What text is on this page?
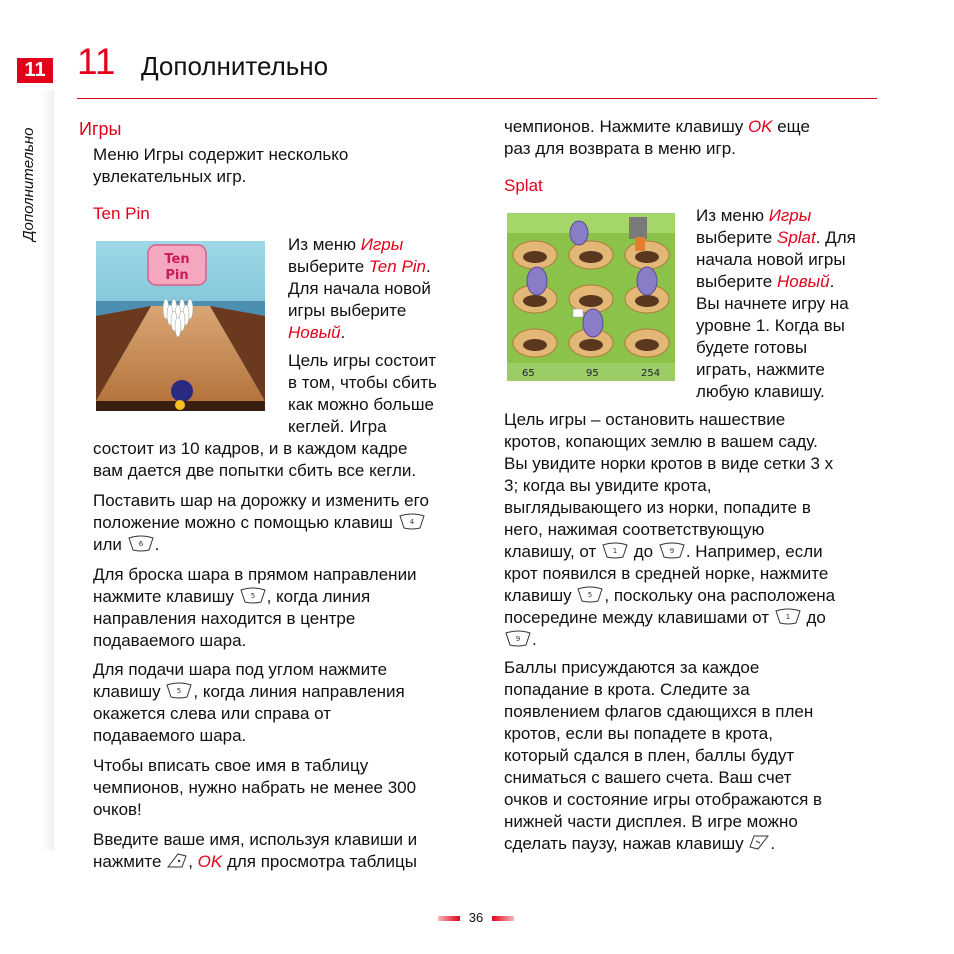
11
Дополнительно
11 Дополнительно
Игры
Меню Игры содержит несколько
увлекательных игр.
Ten Pin
Ten
Pin
Из меню Игры
выберите Ten Pin.
Для начала новой
игры выберите
Новый.
Цель игры состоит
в том, чтобы сбить
как можно больше
кеглей. Игра
состоит из 10 кадров, и в каждом кадре
вам дается две попытки сбить все кегли.
Поставить шар на дорожку и изменить его
положение можно с помощью клавиш 4
или 6 .
Для броска шара в прямом направлении
нажмите клавишу 5 , когда линия
направления находится в центре
подаваемого шара.
Для подачи шара под углом нажмите
клавишу 5 , когда линия направления
окажется слева или справа от
подаваемого шара.
Чтобы вписать свое имя в таблицу
чемпионов, нужно набрать не менее 300
очков!
Введите ваше имя, используя клавиши и
нажмите , OK для просмотра таблицы
чемпионов. Нажмите клавишу OK еще
раз для возврата в меню игр.
Splat
65	95	254
Из меню Игры
выберите Splat. Для
начала новой игры
выберите Новый.
Вы начнете игру на
уровне 1. Когда вы
будете готовы
играть, нажмите
любую клавишу.
Цель игры – остановить нашествие
кротов, копающих землю в вашем саду.
Вы увидите норки кротов в виде сетки 3 х
3; когда вы увидите крота,
выглядывающего из норки, попадите в
него, нажимая соответствующую
клавишу, от 1 до 9 . Например, если
крот появился в средней норке, нажмите
клавишу 5 , поскольку она расположена
посередине между клавишами от 1 до
9 .
Баллы присуждаются за каждое
попадание в крота. Следите за
появлением флагов сдающихся в плен
кротов, если вы попадете в крота,
который сдался в плен, баллы будут
сниматься с вашего счета. Ваш счет
очков и состояние игры отображаются в
нижней части дисплея. В игре можно
сделать паузу, нажав клавишу .
36
